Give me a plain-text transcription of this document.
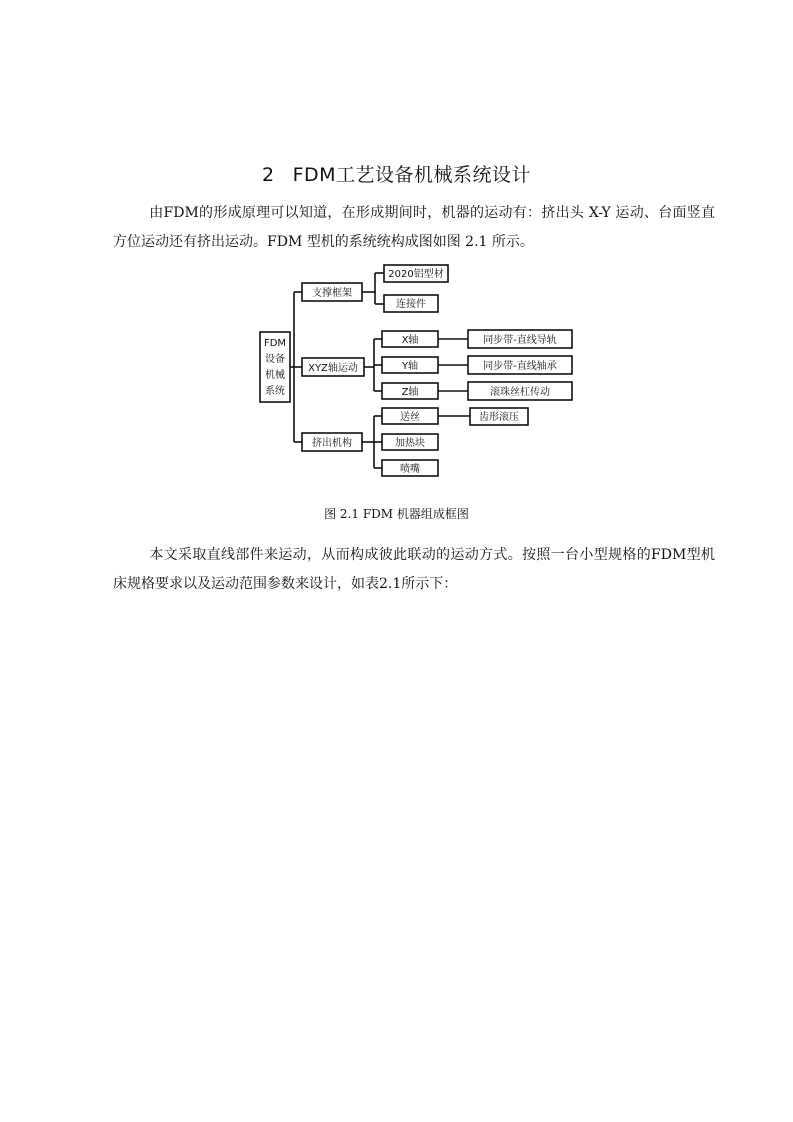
2 FDM工艺设备机械系统设计

由FDM的形成原理可以知道，在形成期间时，机器的运动有：挤出头 X-Y 运动、台面竖直方位运动还有挤出运动。FDM 型机的系统统构成图如图 2.1 所示。

FDM
设备
机械
系统
支撑框架
XYZ轴运动
挤出机构
2020铝型材
连接件
X轴
Y轴
Z轴
同步带-直线导轨
同步带-直线轴承
滚珠丝杠传动
送丝
加热块
喷嘴
齿形滚压

图 2.1 FDM 机器组成框图

本文采取直线部件来运动，从而构成彼此联动的运动方式。按照一台小型规格的FDM型机床规格要求以及运动范围参数来设计，如表2.1所示下：
